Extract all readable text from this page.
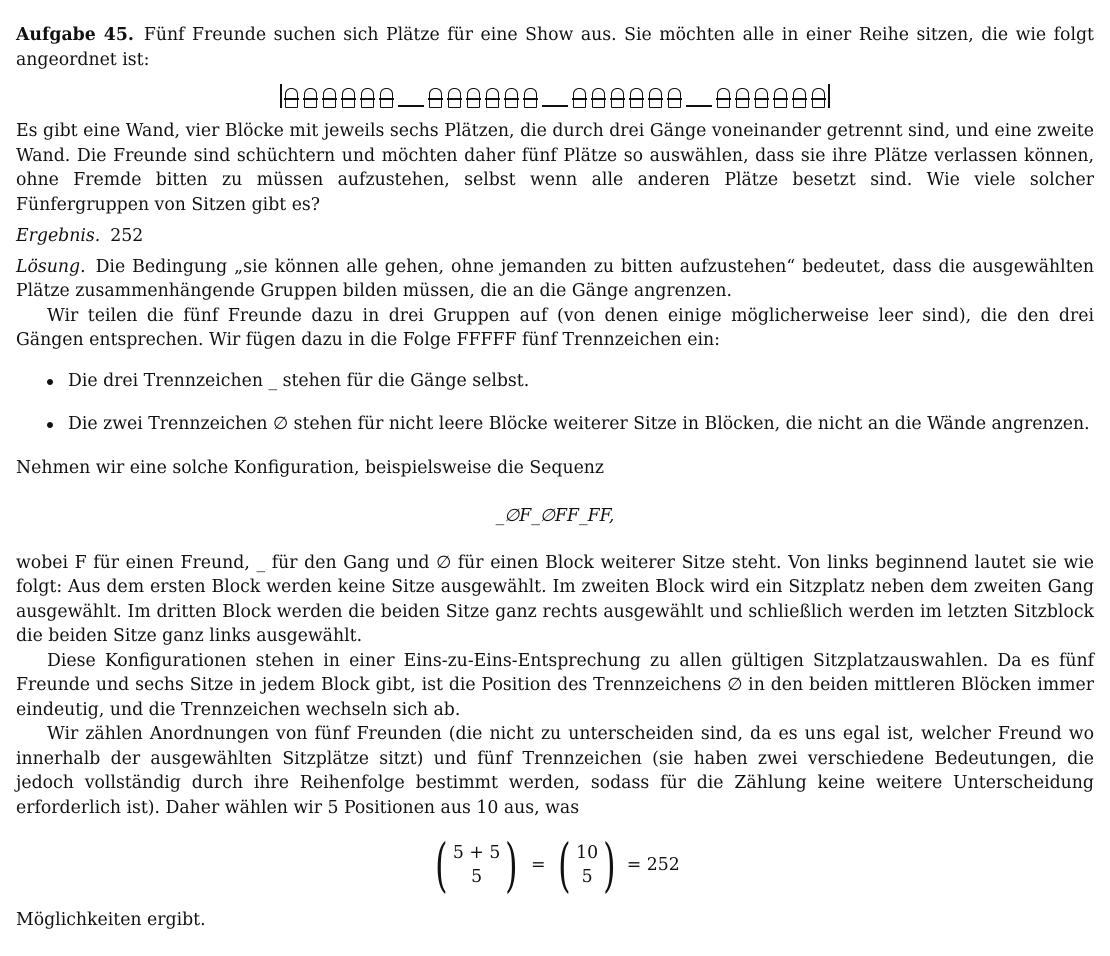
Aufgabe 45. Fünf Freunde suchen sich Plätze für eine Show aus. Sie möchten alle in einer Reihe sitzen, die wie folgt angeordnet ist:

Es gibt eine Wand, vier Blöcke mit jeweils sechs Plätzen, die durch drei Gänge voneinander getrennt sind, und eine zweite Wand. Die Freunde sind schüchtern und möchten daher fünf Plätze so auswählen, dass sie ihre Plätze verlassen können, ohne Fremde bitten zu müssen aufzustehen, selbst wenn alle anderen Plätze besetzt sind. Wie viele solcher Fünfergruppen von Sitzen gibt es?

Ergebnis. 252

Lösung. Die Bedingung „sie können alle gehen, ohne jemanden zu bitten aufzustehen“ bedeutet, dass die ausgewählten Plätze zusammenhängende Gruppen bilden müssen, die an die Gänge angrenzen.

Wir teilen die fünf Freunde dazu in drei Gruppen auf (von denen einige möglicherweise leer sind), die den drei Gängen entsprechen. Wir fügen dazu in die Folge FFFFF fünf Trennzeichen ein:

Die drei Trennzeichen _ stehen für die Gänge selbst.
Die zwei Trennzeichen ∅ stehen für nicht leere Blöcke weiterer Sitze in Blöcken, die nicht an die Wände angrenzen.

Nehmen wir eine solche Konfiguration, beispielsweise die Sequenz

_∅F_∅FF_FF,

wobei F für einen Freund, _ für den Gang und ∅ für einen Block weiterer Sitze steht. Von links beginnend lautet sie wie folgt: Aus dem ersten Block werden keine Sitze ausgewählt. Im zweiten Block wird ein Sitzplatz neben dem zweiten Gang ausgewählt. Im dritten Block werden die beiden Sitze ganz rechts ausgewählt und schließlich werden im letzten Sitzblock die beiden Sitze ganz links ausgewählt.

Diese Konfigurationen stehen in einer Eins-zu-Eins-Entsprechung zu allen gültigen Sitzplatzauswahlen. Da es fünf Freunde und sechs Sitze in jedem Block gibt, ist die Position des Trennzeichens ∅ in den beiden mittleren Blöcken immer eindeutig, und die Trennzeichen wechseln sich ab.

Wir zählen Anordnungen von fünf Freunden (die nicht zu unterscheiden sind, da es uns egal ist, welcher Freund wo innerhalb der ausgewählten Sitzplätze sitzt) und fünf Trennzeichen (sie haben zwei verschiedene Bedeutungen, die jedoch vollständig durch ihre Reihenfolge bestimmt werden, sodass für die Zählung keine weitere Unterscheidung erforderlich ist). Daher wählen wir 5 Positionen aus 10 aus, was

( 5 + 5
5 ) = ( 10
5 ) = 252

Möglichkeiten ergibt.
